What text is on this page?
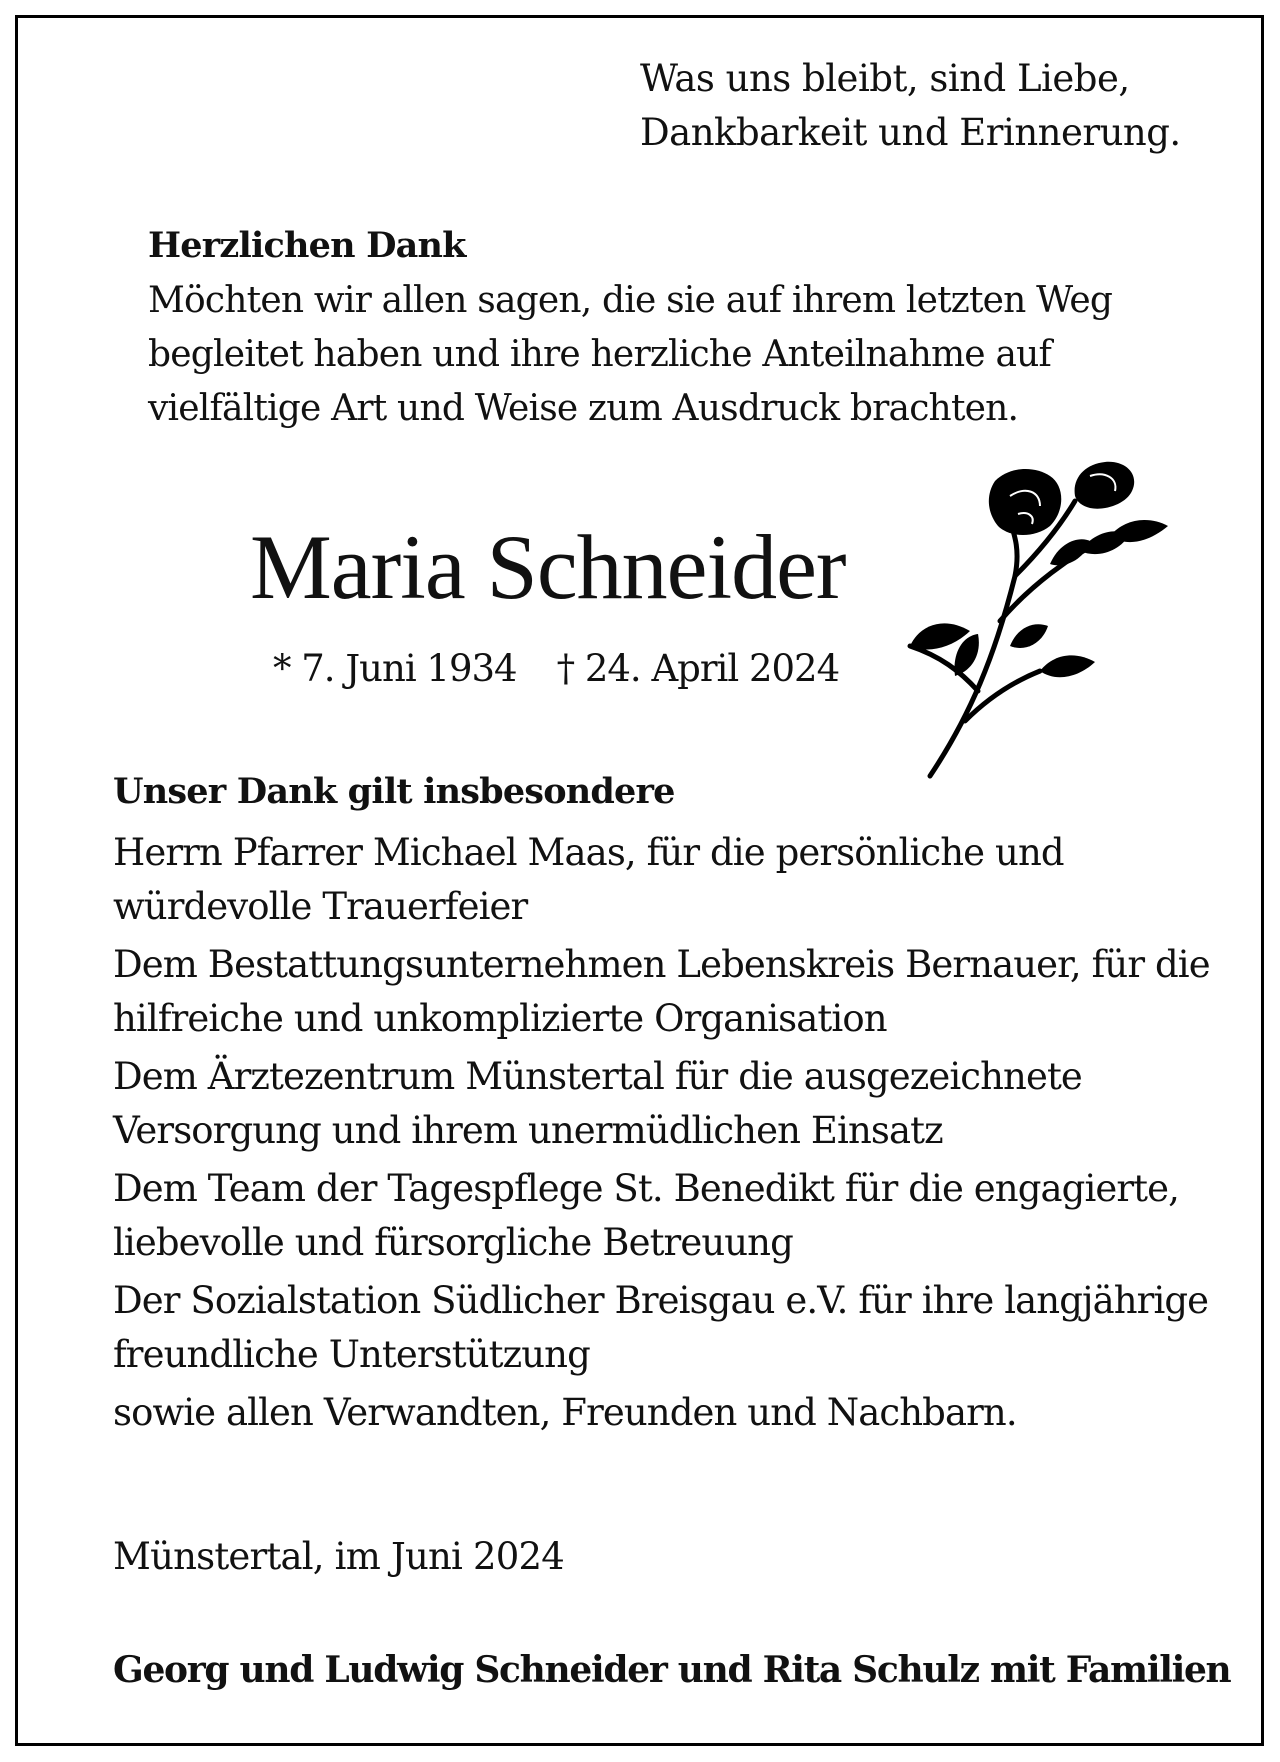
Was uns bleibt, sind Liebe,
Dankbarkeit und Erinnerung.
Herzlichen Dank
Möchten wir allen sagen, die sie auf ihrem letzten Weg
begleitet haben und ihre herzliche Anteilnahme auf
vielfältige Art und Weise zum Ausdruck brachten.
Maria Schneider
* 7. Juni 1934 † 24. April 2024
Unser Dank gilt insbesondere
Herrn Pfarrer Michael Maas, für die persönliche und
würdevolle Trauerfeier
Dem Bestattungsunternehmen Lebenskreis Bernauer, für die
hilfreiche und unkomplizierte Organisation
Dem Ärztezentrum Münstertal für die ausgezeichnete
Versorgung und ihrem unermüdlichen Einsatz
Dem Team der Tagespflege St. Benedikt für die engagierte,
liebevolle und fürsorgliche Betreuung
Der Sozialstation Südlicher Breisgau e.V. für ihre langjährige
freundliche Unterstützung
sowie allen Verwandten, Freunden und Nachbarn.
Münstertal, im Juni 2024
Georg und Ludwig Schneider und Rita Schulz mit Familien
